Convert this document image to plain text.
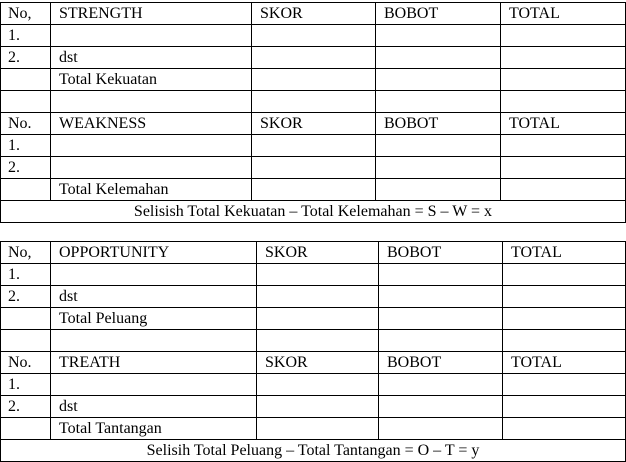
No,	STRENGTH	SKOR	BOBOT	TOTAL
1.				
2.	dst			
	Total Kekuatan			

No.	WEAKNESS	SKOR	BOBOT	TOTAL
1.				
2.				
	Total Kelemahan			
Selisish Total Kekuatan – Total Kelemahan = S – W = x				
No,	OPPORTUNITY	SKOR	BOBOT	TOTAL
1.				
2.	dst			
	Total Peluang			

No.	TREATH	SKOR	BOBOT	TOTAL
1.				
2.	dst			
	Total Tantangan			
Selisih Total Peluang – Total Tantangan = O – T = y				
